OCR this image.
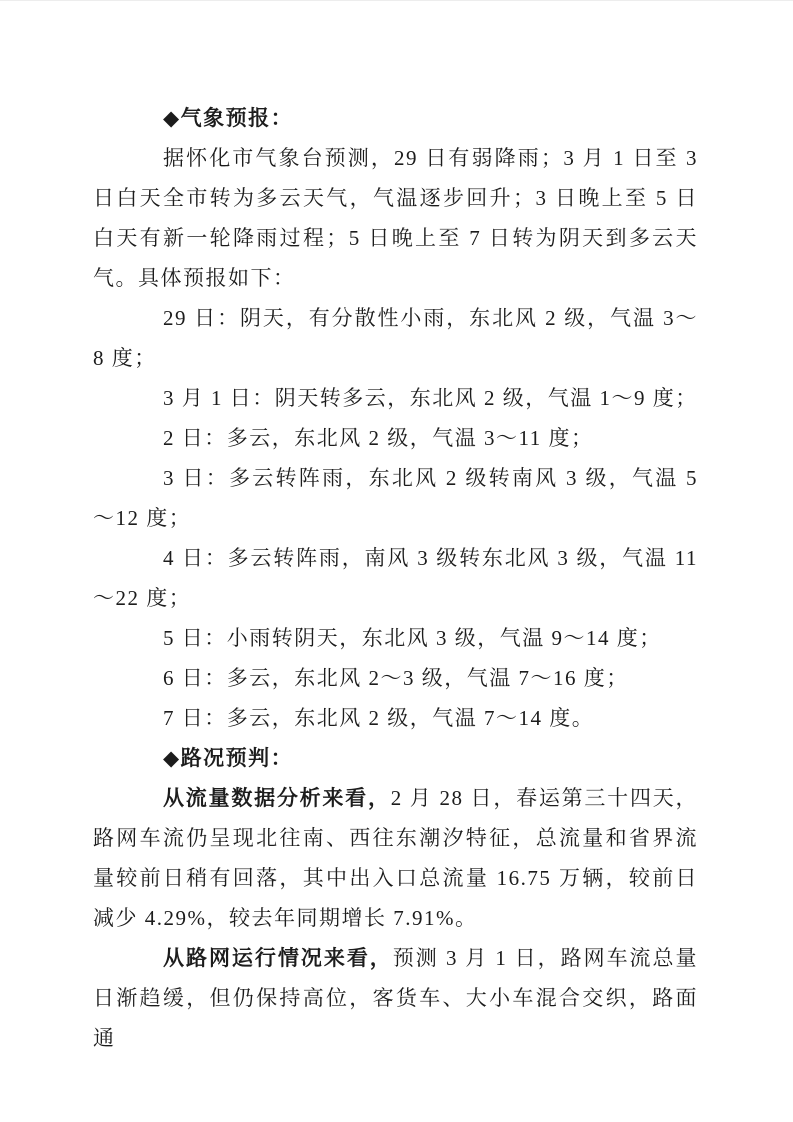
◆气象预报：

据怀化市气象台预测，29 日有弱降雨；3 月 1 日至 3 日白天全市转为多云天气，气温逐步回升；3 日晚上至 5 日白天有新一轮降雨过程；5 日晚上至 7 日转为阴天到多云天气。具体预报如下：

29 日：阴天，有分散性小雨，东北风 2 级，气温 3～8 度；

3 月 1 日：阴天转多云，东北风 2 级，气温 1～9 度；

2 日：多云，东北风 2 级，气温 3～11 度；

3 日：多云转阵雨，东北风 2 级转南风 3 级，气温 5～12 度；

4 日：多云转阵雨，南风 3 级转东北风 3 级，气温 11～22 度；

5 日：小雨转阴天，东北风 3 级，气温 9～14 度；

6 日：多云，东北风 2～3 级，气温 7～16 度；

7 日：多云，东北风 2 级，气温 7～14 度。

◆路况预判：

从流量数据分析来看，2 月 28 日，春运第三十四天，路网车流仍呈现北往南、西往东潮汐特征，总流量和省界流量较前日稍有回落，其中出入口总流量 16.75 万辆，较前日减少 4.29%，较去年同期增长 7.91%。

从路网运行情况来看，预测 3 月 1 日，路网车流总量日渐趋缓，但仍保持高位，客货车、大小车混合交织，路面通
